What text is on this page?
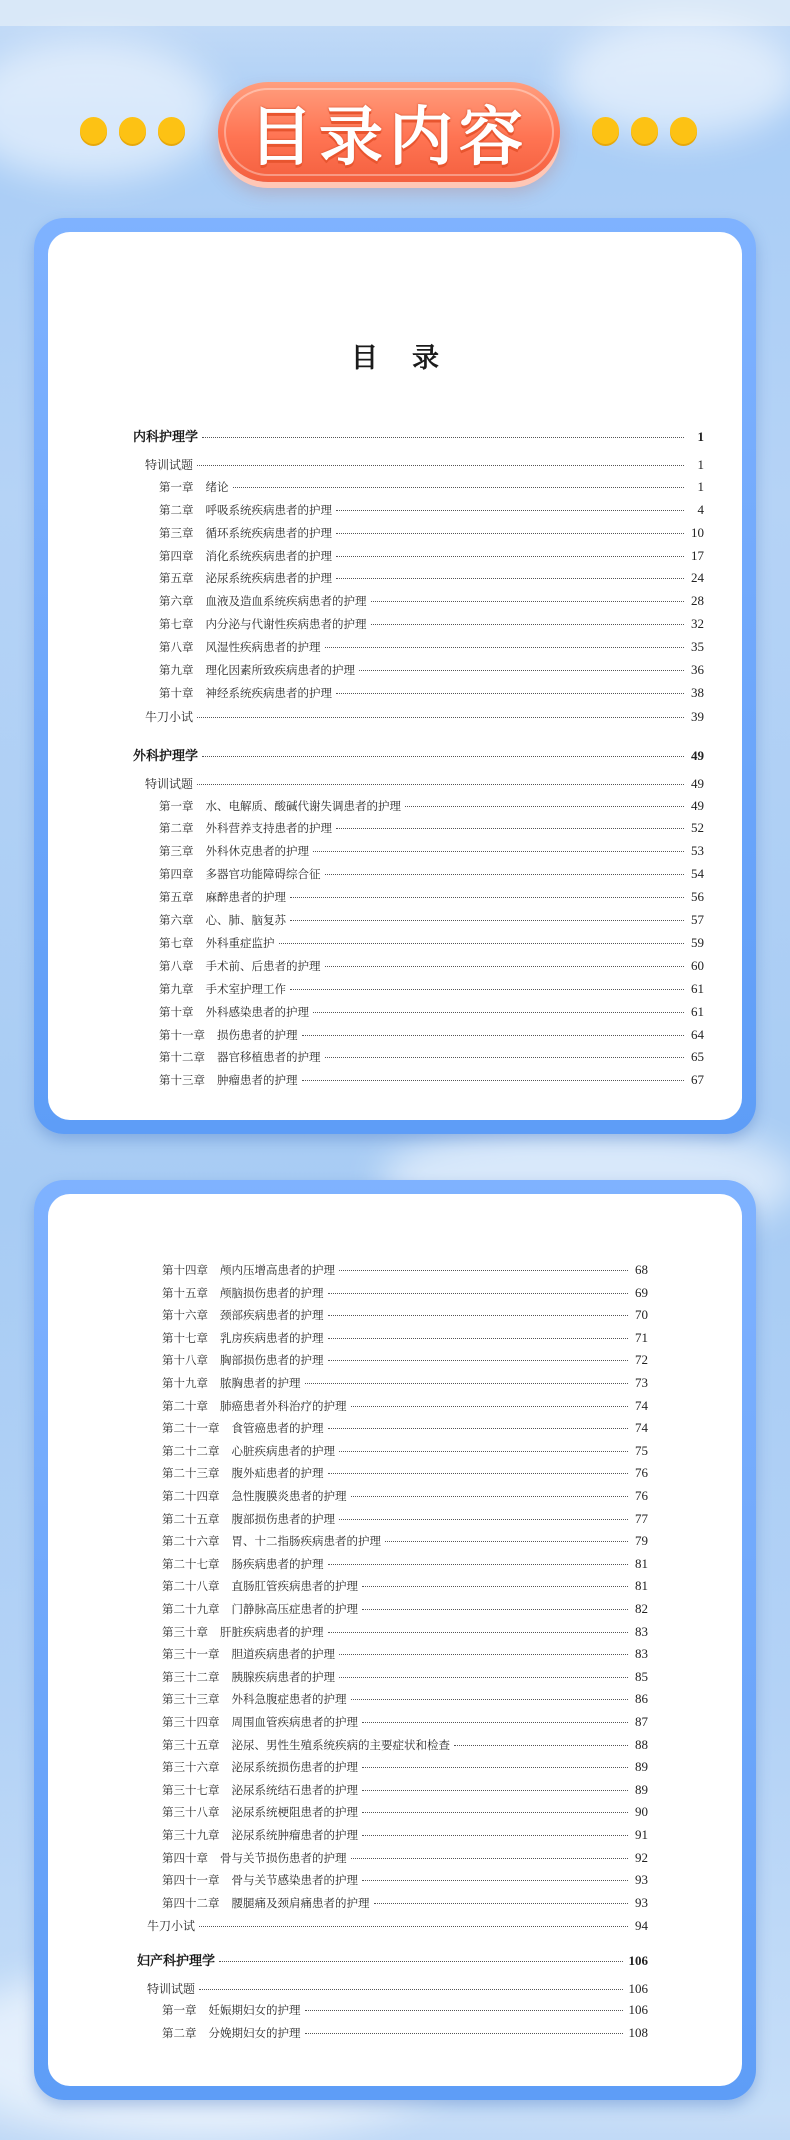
目录内容
目录
内科护理学	1
特训试题	1
第一章	绪论	1
第二章	呼吸系统疾病患者的护理	4
第三章	循环系统疾病患者的护理	10
第四章	消化系统疾病患者的护理	17
第五章	泌尿系统疾病患者的护理	24
第六章	血液及造血系统疾病患者的护理	28
第七章	内分泌与代谢性疾病患者的护理	32
第八章	风湿性疾病患者的护理	35
第九章	理化因素所致疾病患者的护理	36
第十章	神经系统疾病患者的护理	38
牛刀小试	39
外科护理学	49
特训试题	49
第一章	水、电解质、酸碱代谢失调患者的护理	49
第二章	外科营养支持患者的护理	52
第三章	外科休克患者的护理	53
第四章	多器官功能障碍综合征	54
第五章	麻醉患者的护理	56
第六章	心、肺、脑复苏	57
第七章	外科重症监护	59
第八章	手术前、后患者的护理	60
第九章	手术室护理工作	61
第十章	外科感染患者的护理	61
第十一章	损伤患者的护理	64
第十二章	器官移植患者的护理	65
第十三章	肿瘤患者的护理	67
第十四章	颅内压增高患者的护理	68
第十五章	颅脑损伤患者的护理	69
第十六章	颈部疾病患者的护理	70
第十七章	乳房疾病患者的护理	71
第十八章	胸部损伤患者的护理	72
第十九章	脓胸患者的护理	73
第二十章	肺癌患者外科治疗的护理	74
第二十一章	食管癌患者的护理	74
第二十二章	心脏疾病患者的护理	75
第二十三章	腹外疝患者的护理	76
第二十四章	急性腹膜炎患者的护理	76
第二十五章	腹部损伤患者的护理	77
第二十六章	胃、十二指肠疾病患者的护理	79
第二十七章	肠疾病患者的护理	81
第二十八章	直肠肛管疾病患者的护理	81
第二十九章	门静脉高压症患者的护理	82
第三十章	肝脏疾病患者的护理	83
第三十一章	胆道疾病患者的护理	83
第三十二章	胰腺疾病患者的护理	85
第三十三章	外科急腹症患者的护理	86
第三十四章	周围血管疾病患者的护理	87
第三十五章	泌尿、男性生殖系统疾病的主要症状和检查	88
第三十六章	泌尿系统损伤患者的护理	89
第三十七章	泌尿系统结石患者的护理	89
第三十八章	泌尿系统梗阻患者的护理	90
第三十九章	泌尿系统肿瘤患者的护理	91
第四十章	骨与关节损伤患者的护理	92
第四十一章	骨与关节感染患者的护理	93
第四十二章	腰腿痛及颈肩痛患者的护理	93
牛刀小试	94
妇产科护理学	106
特训试题	106
第一章	妊娠期妇女的护理	106
第二章	分娩期妇女的护理	108
